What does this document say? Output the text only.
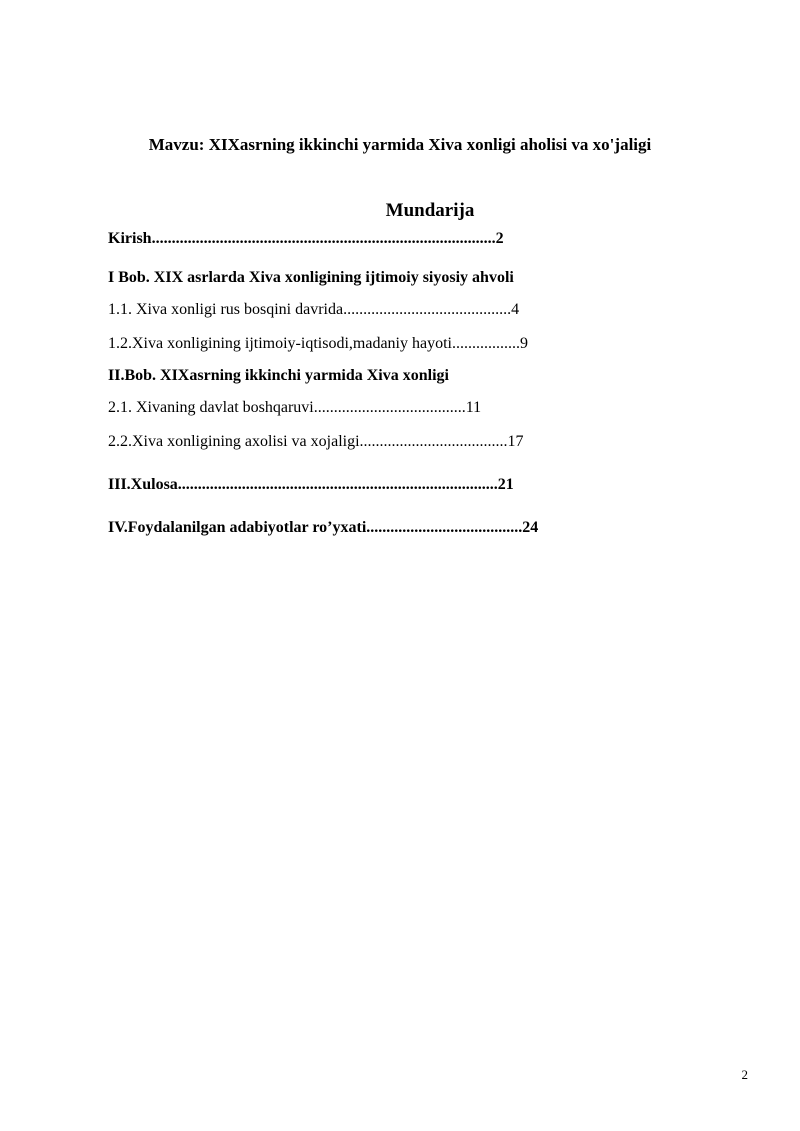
Mavzu: XIXasrning ikkinchi yarmida Xiva xonligi aholisi va xo'jaligi
Mundarija
Kirish......................................................................................2
I Bob. XIX asrlarda Xiva xonligining ijtimoiy siyosiy ahvoli
1.1. Xiva xonligi rus bosqini davrida..........................................4
1.2.Xiva xonligining ijtimoiy-iqtisodi,madaniy hayoti.................9
II.Bob. XIXasrning ikkinchi yarmida Xiva xonligi
2.1. Xivaning davlat boshqaruvi......................................11
2.2.Xiva xonligining axolisi va xojaligi.....................................17
III.Xulosa................................................................................21
IV.Foydalanilgan adabiyotlar ro’yxati.......................................24
2
